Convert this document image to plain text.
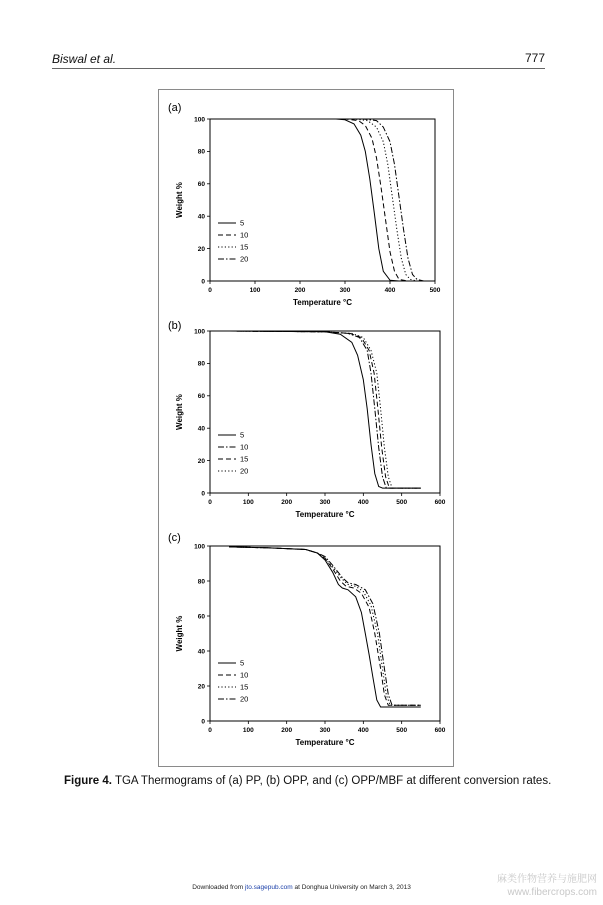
Biswal et al.	777
(a)
0	100	200	300	400	500
0
20
40
60
80
100
Temperature °C
Weight %
5
10
15
20
(b)
0	100	200	300	400	500	600
0
20
40
60
80
100
Temperature °C
Weight %
5
10
15
20
(c)
0	100	200	300	400	500	600
0
20
40
60
80
100
Temperature °C
Weight %
5
10
15
20
Figure 4. TGA Thermograms of (a) PP, (b) OPP, and (c) OPP/MBF at different conversion rates.
Downloaded from jto.sagepub.com at Donghua University on March 3, 2013
麻类作物营养与施肥网
www.fibercrops.com
